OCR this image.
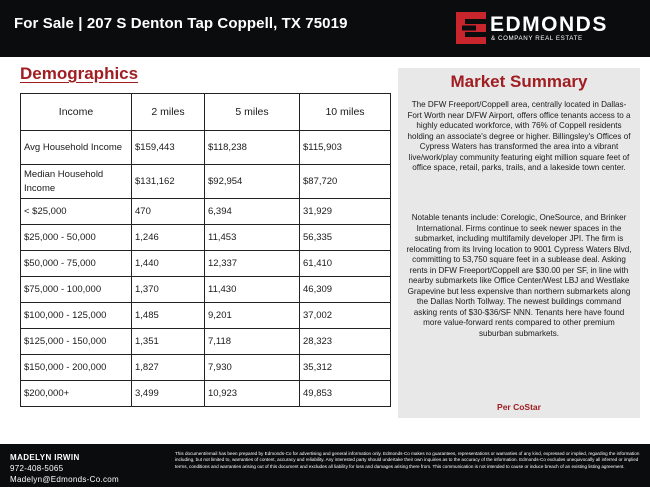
For Sale | 207 S Denton Tap Coppell, TX 75019	EDMONDS
& COMPANY REAL ESTATE
Demographics
Income	2 miles	5 miles	10 miles
Avg Household Income	$159,443	$118,238	$115,903
Median Household Income	$131,162	$92,954	$87,720
< $25,000	470	6,394	31,929
$25,000 - 50,000	1,246	11,453	56,335
$50,000 - 75,000	1,440	12,337	61,410
$75,000 - 100,000	1,370	11,430	46,309
$100,000 - 125,000	1,485	9,201	37,002
$125,000 - 150,000	1,351	7,118	28,323
$150,000 - 200,000	1,827	7,930	35,312
$200,000+	3,499	10,923	49,853
Market Summary

The DFW Freeport/Coppell area, centrally located in Dallas-Fort Worth near D/FW Airport, offers office tenants access to a highly educated workforce, with 76% of Coppell residents holding an associate's degree or higher. Billingsley's Offices of Cypress Waters has transformed the area into a vibrant live/work/play community featuring eight million square feet of office space, retail, parks, trails, and a lakeside town center.

Notable tenants include: Corelogic, OneSource, and Brinker International. Firms continue to seek newer spaces in the submarket, including multifamily developer JPI. The firm is relocating from its Irving location to 9001 Cypress Waters Blvd, committing to 53,750 square feet in a sublease deal. Asking rents in DFW Freeport/Coppell are $30.00 per SF, in line with nearby submarkets like Office Center/West LBJ and Westlake Grapevine but less expensive than northern submarkets along the Dallas North Tollway. The newest buildings command asking rents of $30-$36/SF NNN. Tenants here have found more value-forward rents compared to other premium suburban submarkets.

Per CoStar
MADELYN IRWIN
972-408-5065
Madelyn@Edmonds-Co.com
This document/email has been prepared by Edmonds-Co for advertising and general information only. Edmonds-Co makes no guarantees, representations or warranties of any kind, expressed or implied, regarding the information including, but not limited to, warranties of content, accuracy and reliability. Any interested party should undertake their own inquiries as to the accuracy of the information. Edmonds-Co excludes unequivocally all inferred or implied terms, conditions and warranties arising out of this document and excludes all liability for loss and damages arising there from. This communication is not intended to cause or induce breach of an existing listing agreement.
